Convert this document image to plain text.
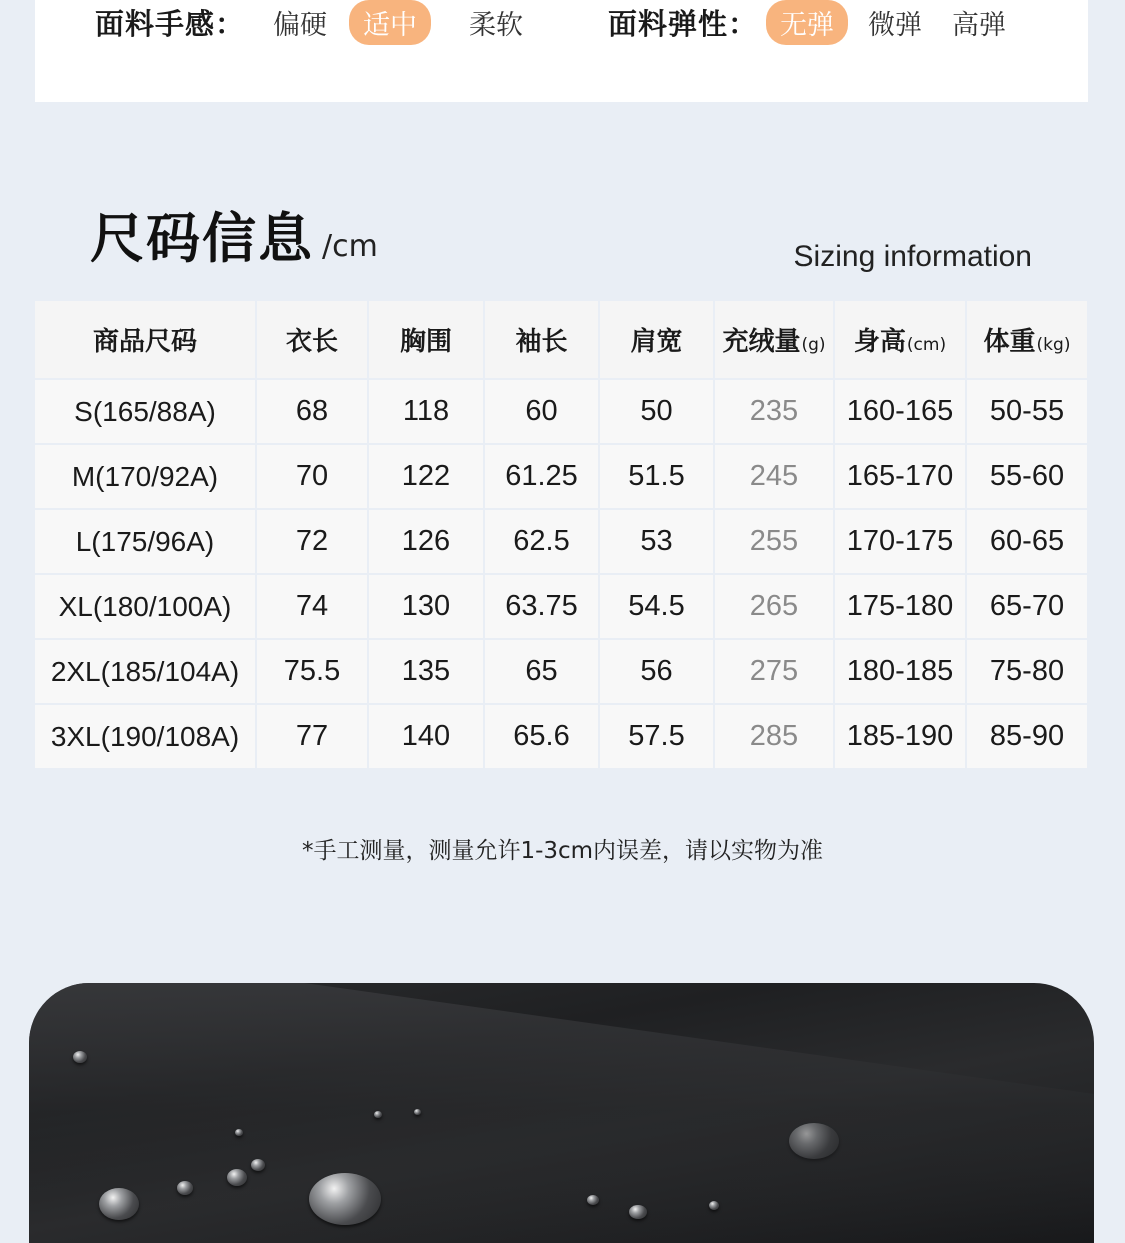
面料手感： 偏硬	适中	柔软	面料弹性： 无弹	微弹 高弹
尺码信息 /cm	Sizing information
商品尺码	衣长	胸围	袖长	肩宽	充绒量(g)	身高(cm)	体重(kg)
S(165/88A)	68	118	60	50	235	160-165	50-55
M(170/92A)	70	122	61.25	51.5	245	165-170	55-60
L(175/96A)	72	126	62.5	53	255	170-175	60-65
XL(180/100A)	74	130	63.75	54.5	265	175-180	65-70
2XL(185/104A)	75.5	135	65	56	275	180-185	75-80
3XL(190/108A)	77	140	65.6	57.5	285	185-190	85-90
*手工测量，测量允许1-3cm内误差，请以实物为准
